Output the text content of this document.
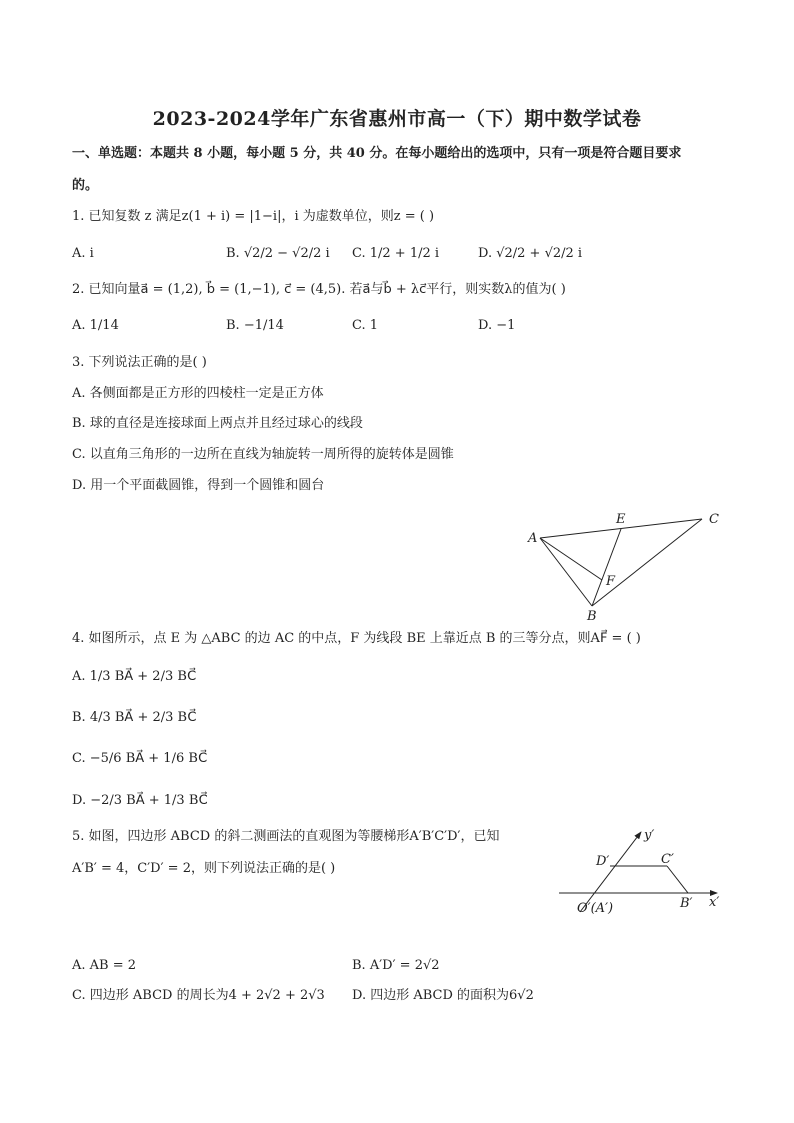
2023-2024学年广东省惠州市高一（下）期中数学试卷
一、单选题：本题共 8 小题，每小题 5 分，共 40 分。在每小题给出的选项中，只有一项是符合题目要求
的。
1. 已知复数 z 满足z(1 + i) = |1−i|，i 为虚数单位，则z = ( )
A. i	B. √2/2 − √2/2 i C. 1/2 + 1/2 i	D. √2/2 + √2/2 i
2. 已知向量a⃗ = (1,2), b⃗ = (1,−1), c⃗ = (4,5). 若a⃗与b⃗ + λc⃗平行，则实数λ的值为( )
A. 1/14	B. −1/14	C. 1	D. −1
3. 下列说法正确的是( )
A. 各侧面都是正方形的四棱柱一定是正方体
B. 球的直径是连接球面上两点并且经过球心的线段
C. 以直角三角形的一边所在直线为轴旋转一周所得的旋转体是圆锥
D. 用一个平面截圆锥，得到一个圆锥和圆台
A
B
C
E
F
4. 如图所示，点 E 为 △ABC 的边 AC 的中点，F 为线段 BE 上靠近点 B 的三等分点，则AF⃗ = ( )
A. 1/3 BA⃗ + 2/3 BC⃗
B. 4/3 BA⃗ + 2/3 BC⃗
C. −5/6 BA⃗ + 1/6 BC⃗
D. −2/3 BA⃗ + 1/3 BC⃗
5. 如图，四边形 ABCD 的斜二测画法的直观图为等腰梯形A′B′C′D′，已知
A′B′ = 4，C′D′ = 2，则下列说法正确的是( )
y′
x′
D′	C′
O′(A′)	B′
A. AB = 2	B. A′D′ = 2√2
C. 四边形 ABCD 的周长为4 + 2√2 + 2√3 D. 四边形 ABCD 的面积为6√2
